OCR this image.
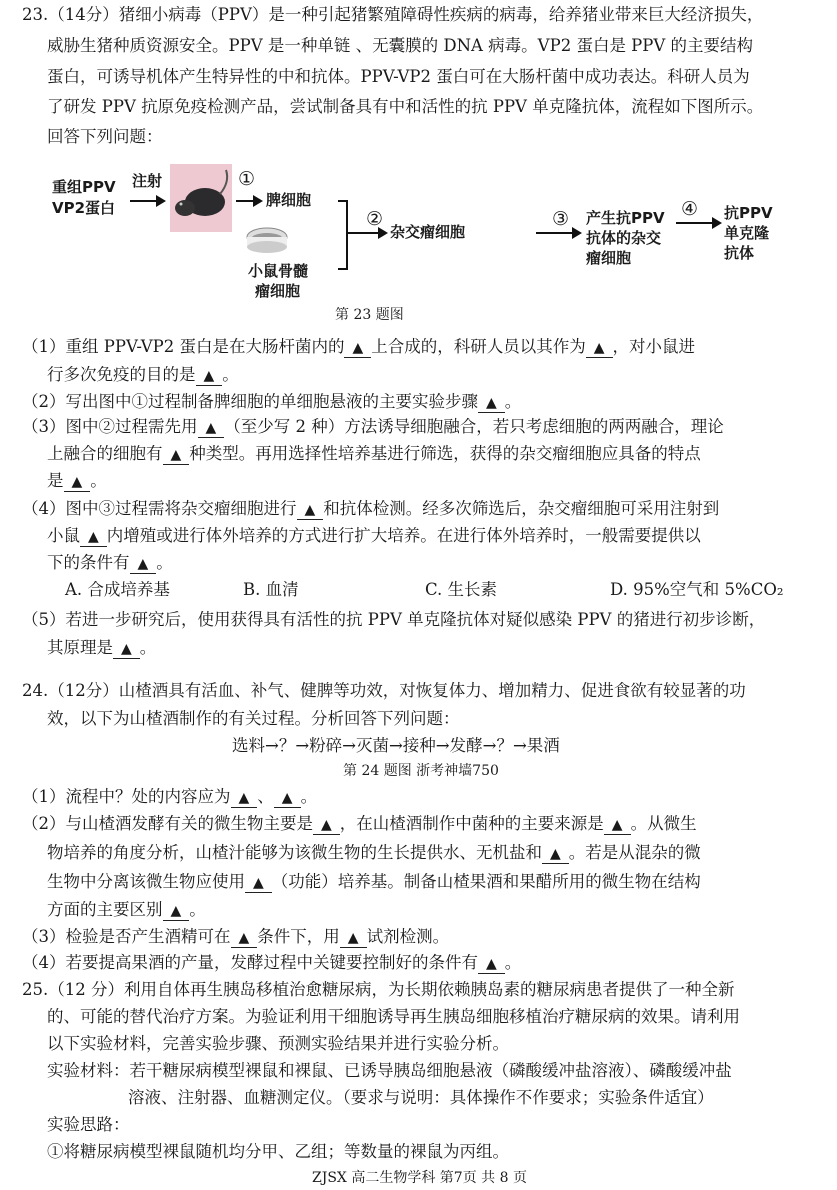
23.（14分）猪细小病毒（PPV）是一种引起猪繁殖障碍性疾病的病毒，给养猪业带来巨大经济损失，
威胁生猪种质资源安全。PPV 是一种单链 、无囊膜的 DNA 病毒。VP2 蛋白是 PPV 的主要结构
蛋白，可诱导机体产生特异性的中和抗体。PPV-VP2 蛋白可在大肠杆菌中成功表达。科研人员为
了研发 PPV 抗原免疫检测产品，尝试制备具有中和活性的抗 PPV 单克隆抗体，流程如下图所示。
回答下列问题：
重组PPV
VP2蛋白
注射	①
脾细胞
小鼠骨髓
瘤细胞
②
杂交瘤细胞
③ 产生抗PPV
抗体的杂交
瘤细胞
④ 抗PPV
单克隆
抗体
第 23 题图
（1）重组 PPV-VP2 蛋白是在大肠杆菌内的 ▲ 上合成的，科研人员以其作为 ▲ ，对小鼠进
行多次免疫的目的是 ▲ 。
（2）写出图中①过程制备脾细胞的单细胞悬液的主要实验步骤 ▲ 。
（3）图中②过程需先用 ▲ （至少写 2 种）方法诱导细胞融合，若只考虑细胞的两两融合，理论
上融合的细胞有 ▲ 种类型。再用选择性培养基进行筛选，获得的杂交瘤细胞应具备的特点
是 ▲ 。
（4）图中③过程需将杂交瘤细胞进行 ▲ 和抗体检测。经多次筛选后，杂交瘤细胞可采用注射到
小鼠 ▲ 内增殖或进行体外培养的方式进行扩大培养。在进行体外培养时，一般需要提供以
下的条件有 ▲ 。
A. 合成培养基	B. 血清	C. 生长素	D. 95%空气和 5%CO₂
（5）若进一步研究后，使用获得具有活性的抗 PPV 单克隆抗体对疑似感染 PPV 的猪进行初步诊断，
其原理是 ▲ 。
24.（12分）山楂酒具有活血、补气、健脾等功效，对恢复体力、增加精力、促进食欲有较显著的功
效，以下为山楂酒制作的有关过程。分析回答下列问题：
选料→？→粉碎→灭菌→接种→发酵→？→果酒
第 24 题图 浙考神墙750
（1）流程中？处的内容应为 ▲ 、 ▲ 。
（2）与山楂酒发酵有关的微生物主要是 ▲ ，在山楂酒制作中菌种的主要来源是 ▲ 。从微生
物培养的角度分析，山楂汁能够为该微生物的生长提供水、无机盐和 ▲ 。若是从混杂的微
生物中分离该微生物应使用 ▲ （功能）培养基。制备山楂果酒和果醋所用的微生物在结构
方面的主要区别 ▲ 。
（3）检验是否产生酒精可在 ▲ 条件下，用 ▲ 试剂检测。
（4）若要提高果酒的产量，发酵过程中关键要控制好的条件有 ▲ 。
25.（12 分）利用自体再生胰岛移植治愈糖尿病，为长期依赖胰岛素的糖尿病患者提供了一种全新
的、可能的替代治疗方案。为验证利用干细胞诱导再生胰岛细胞移植治疗糖尿病的效果。请利用
以下实验材料，完善实验步骤、预测实验结果并进行实验分析。
实验材料：若干糖尿病模型裸鼠和裸鼠、已诱导胰岛细胞悬液（磷酸缓冲盐溶液）、磷酸缓冲盐
溶液、注射器、血糖测定仪。（要求与说明：具体操作不作要求；实验条件适宜）
实验思路：
①将糖尿病模型裸鼠随机均分甲、乙组；等数量的裸鼠为丙组。
ZJSX 高二生物学科 第7页 共 8 页
